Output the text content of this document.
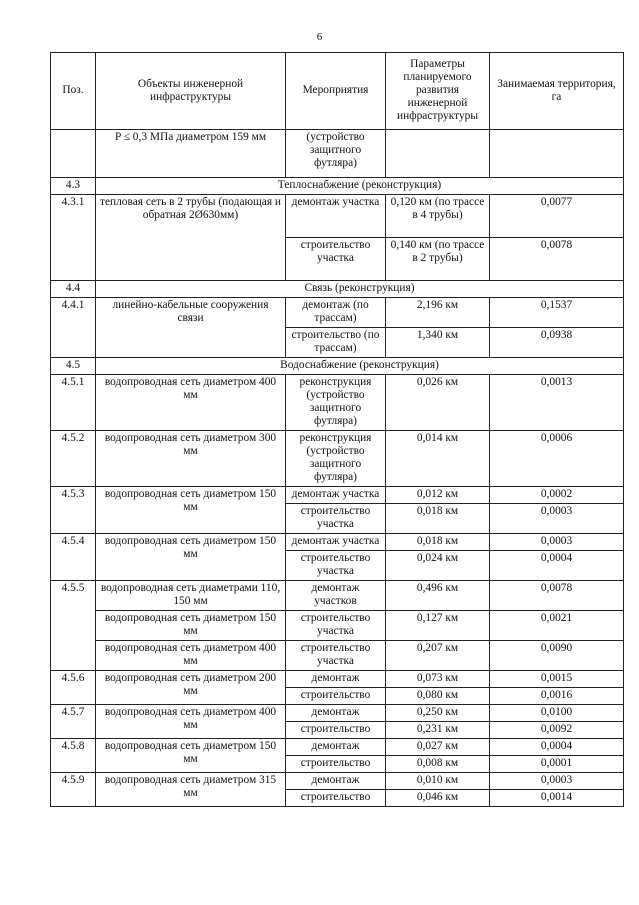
6
Поз.	Объекты инженерной инфраструктуры	Мероприятия	Параметры планируемого развития инженерной инфраструктуры	Занимаемая территория, га
	P ≤ 0,3 МПа диаметром 159 мм	(устройство защитного футляра)		
4.3	Теплоснабжение (реконструкция)			
4.3.1	тепловая сеть в 2 трубы (подающая и обратная 2Ø630мм)	демонтаж участка	0,120 км (по трассе в 4 трубы)	0,0077
		строительство участка	0,140 км (по трассе в 2 трубы)	0,0078
4.4	Связь (реконструкция)			
4.4.1	линейно-кабельные сооружения связи	демонтаж (по трассам)	2,196 км	0,1537
		строительство (по трассам)	1,340 км	0,0938
4.5	Водоснабжение (реконструкция)			
4.5.1	водопроводная сеть диаметром 400 мм	реконструкция (устройство защитного футляра)	0,026 км	0,0013
4.5.2	водопроводная сеть диаметром 300 мм	реконструкция (устройство защитного футляра)	0,014 км	0,0006
4.5.3	водопроводная сеть диаметром 150 мм	демонтаж участка	0,012 км	0,0002
		строительство участка	0,018 км	0,0003
4.5.4	водопроводная сеть диаметром 150 мм	демонтаж участка	0,018 км	0,0003
		строительство участка	0,024 км	0,0004
4.5.5	водопроводная сеть диаметрами 110, 150 мм	демонтаж участков	0,496 км	0,0078
	водопроводная сеть диаметром 150 мм	строительство участка	0,127 км	0,0021
	водопроводная сеть диаметром 400 мм	строительство участка	0,207 км	0,0090
4.5.6	водопроводная сеть диаметром 200 мм	демонтаж	0,073 км	0,0015
		строительство	0,080 км	0,0016
4.5.7	водопроводная сеть диаметром 400 мм	демонтаж	0,250 км	0,0100
		строительство	0,231 км	0,0092
4.5.8	водопроводная сеть диаметром 150 мм	демонтаж	0,027 км	0,0004
		строительство	0,008 км	0,0001
4.5.9	водопроводная сеть диаметром 315 мм	демонтаж	0,010 км	0,0003
		строительство	0,046 км	0,0014
